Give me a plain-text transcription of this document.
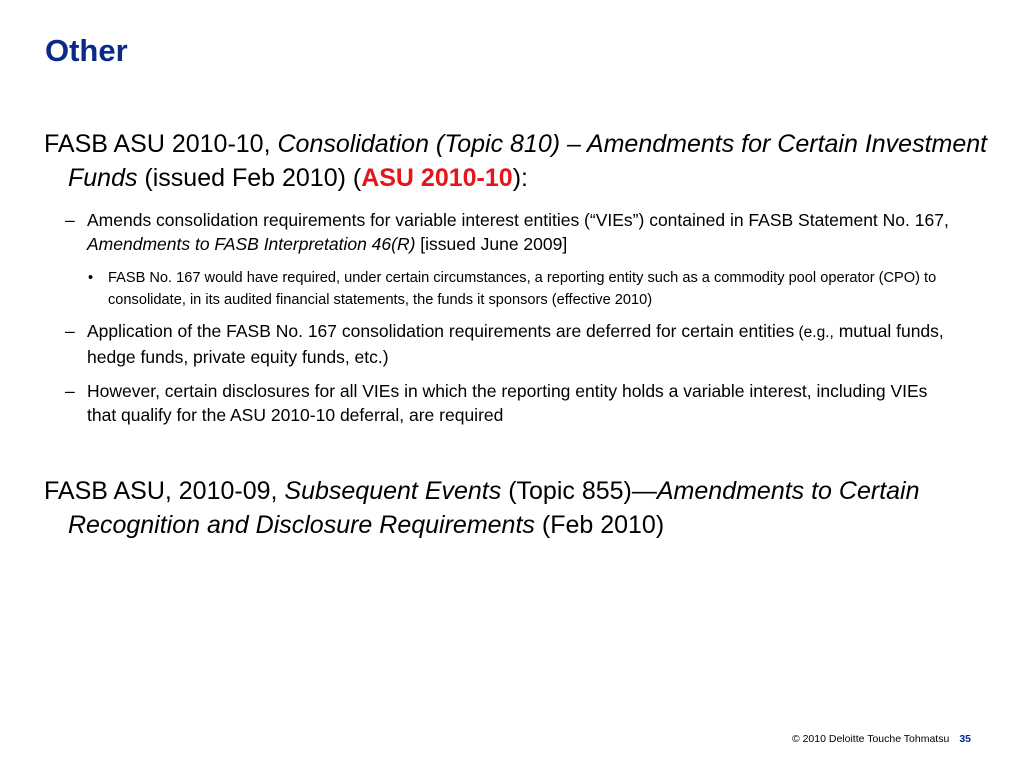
Other

FASB ASU 2010-10, Consolidation (Topic 810) – Amendments for Certain Investment Funds (issued Feb 2010) (ASU 2010-10):

– Amends consolidation requirements for variable interest entities (“VIEs”) contained in FASB Statement No. 167, Amendments to FASB Interpretation 46(R) [issued June 2009]

• FASB No. 167 would have required, under certain circumstances, a reporting entity such as a commodity pool operator (CPO) to consolidate, in its audited financial statements, the funds it sponsors (effective 2010)

– Application of the FASB No. 167 consolidation requirements are deferred for certain entities (e.g., mutual funds, hedge funds, private equity funds, etc.)

– However, certain disclosures for all VIEs in which the reporting entity holds a variable interest, including VIEs that qualify for the ASU 2010-10 deferral, are required

FASB ASU, 2010-09, Subsequent Events (Topic 855)—Amendments to Certain Recognition and Disclosure Requirements (Feb 2010)

© 2010 Deloitte Touche Tohmatsu 35
